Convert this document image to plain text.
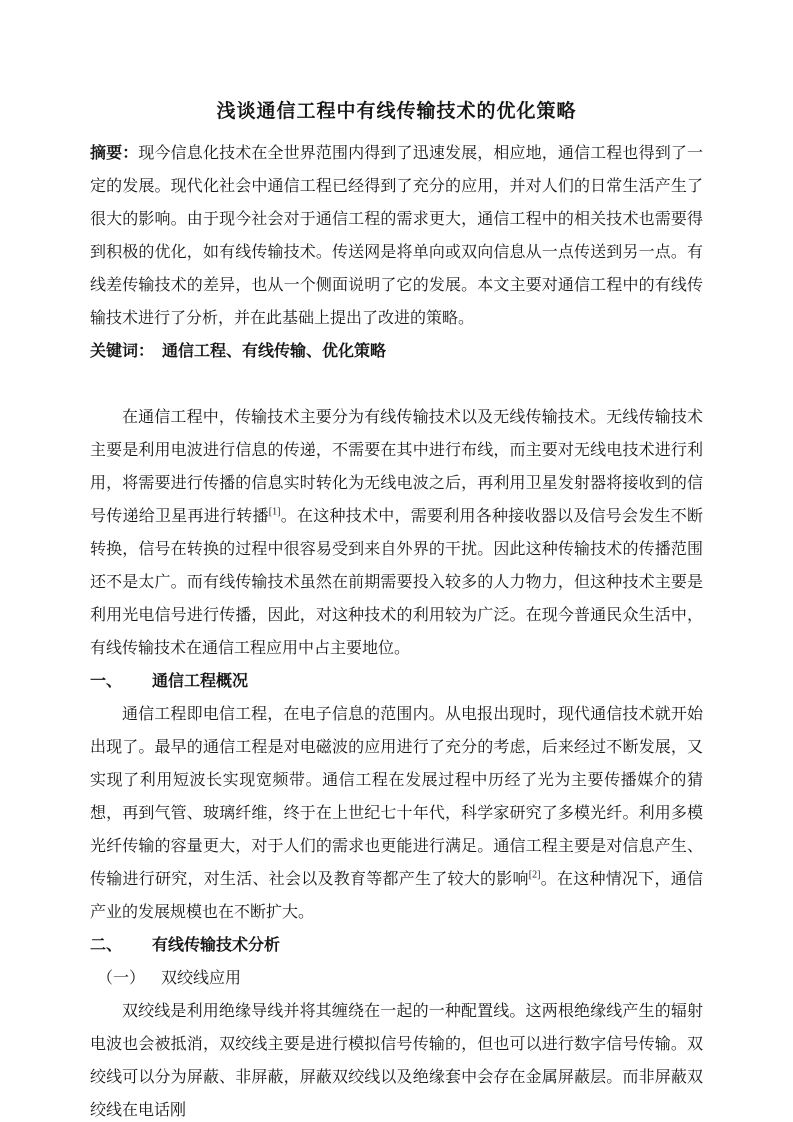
浅谈通信工程中有线传输技术的优化策略

摘要：现今信息化技术在全世界范围内得到了迅速发展，相应地，通信工程也得到了一定的发展。现代化社会中通信工程已经得到了充分的应用，并对人们的日常生活产生了很大的影响。由于现今社会对于通信工程的需求更大，通信工程中的相关技术也需要得到积极的优化，如有线传输技术。传送网是将单向或双向信息从一点传送到另一点。有线差传输技术的差异，也从一个侧面说明了它的发展。本文主要对通信工程中的有线传输技术进行了分析，并在此基础上提出了改进的策略。

关键词： 通信工程、有线传输、优化策略

在通信工程中，传输技术主要分为有线传输技术以及无线传输技术。无线传输技术主要是利用电波进行信息的传递，不需要在其中进行布线，而主要对无线电技术进行利用，将需要进行传播的信息实时转化为无线电波之后，再利用卫星发射器将接收到的信号传递给卫星再进行转播[1]。在这种技术中，需要利用各种接收器以及信号会发生不断转换，信号在转换的过程中很容易受到来自外界的干扰。因此这种传输技术的传播范围还不是太广。而有线传输技术虽然在前期需要投入较多的人力物力，但这种技术主要是利用光电信号进行传播，因此，对这种技术的利用较为广泛。在现今普通民众生活中，有线传输技术在通信工程应用中占主要地位。

一、 通信工程概况

通信工程即电信工程，在电子信息的范围内。从电报出现时，现代通信技术就开始出现了。最早的通信工程是对电磁波的应用进行了充分的考虑，后来经过不断发展，又实现了利用短波长实现宽频带。通信工程在发展过程中历经了光为主要传播媒介的猜想，再到气管、玻璃纤维，终于在上世纪七十年代，科学家研究了多模光纤。利用多模光纤传输的容量更大，对于人们的需求也更能进行满足。通信工程主要是对信息产生、传输进行研究，对生活、社会以及教育等都产生了较大的影响[2]。在这种情况下，通信产业的发展规模也在不断扩大。

二、 有线传输技术分析
（一） 双绞线应用

双绞线是利用绝缘导线并将其缠绕在一起的一种配置线。这两根绝缘线产生的辐射电波也会被抵消，双绞线主要是进行模拟信号传输的，但也可以进行数字信号传输。双绞线可以分为屏蔽、非屏蔽，屏蔽双绞线以及绝缘套中会存在金属屏蔽层。而非屏蔽双绞线在电话刚
